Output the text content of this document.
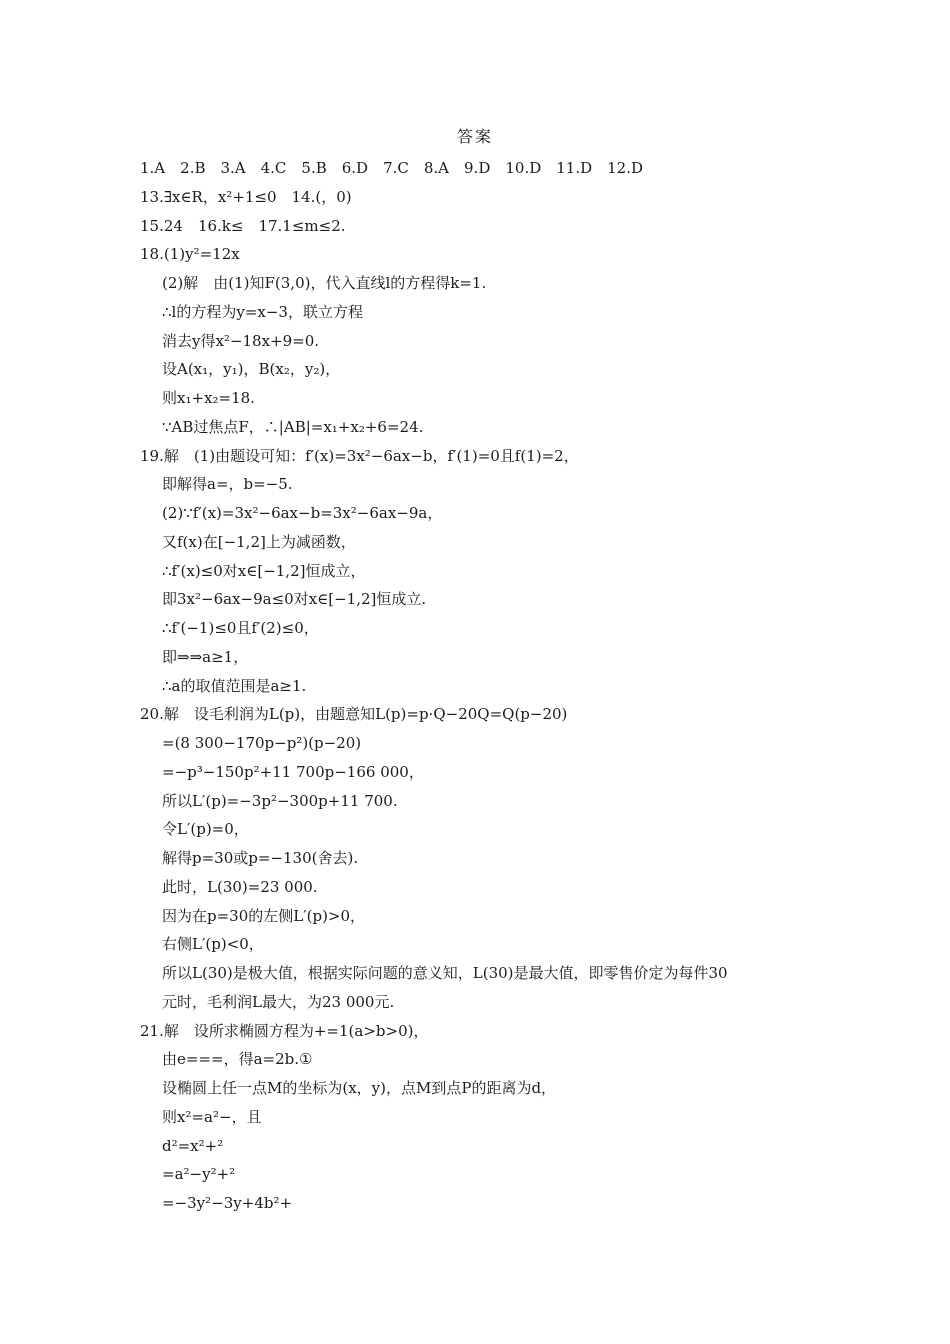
答案
1.A　2.B　3.A　4.C　5.B　6.D　7.C　8.A　9.D　10.D　11.D　12.D
13.∃x∈R，x²+1≤0　14.(，0)
15.24　16.k≤　17.1≤m≤2.
18.(1)y²=12x
(2)解　由(1)知F(3,0)，代入直线l的方程得k=1.
∴l的方程为y=x−3，联立方程
消去y得x²−18x+9=0.
设A(x₁，y₁)，B(x₂，y₂)，
则x₁+x₂=18.
∵AB过焦点F，∴|AB|=x₁+x₂+6=24.
19.解　(1)由题设可知：f′(x)=3x²−6ax−b，f′(1)=0且f(1)=2，
即解得a=，b=−5.
(2)∵f′(x)=3x²−6ax−b=3x²−6ax−9a，
又f(x)在[−1,2]上为减函数，
∴f′(x)≤0对x∈[−1,2]恒成立，
即3x²−6ax−9a≤0对x∈[−1,2]恒成立.
∴f′(−1)≤0且f′(2)≤0，
即⇒⇒a≥1，
∴a的取值范围是a≥1.
20.解　设毛利润为L(p)，由题意知L(p)=p·Q−20Q=Q(p−20)
=(8 300−170p−p²)(p−20)
=−p³−150p²+11 700p−166 000，
所以L′(p)=−3p²−300p+11 700.
令L′(p)=0，
解得p=30或p=−130(舍去).
此时，L(30)=23 000.
因为在p=30的左侧L′(p)>0，
右侧L′(p)<0，
所以L(30)是极大值，根据实际问题的意义知，L(30)是最大值，即零售价定为每件30
元时，毛利润L最大，为23 000元.
21.解　设所求椭圆方程为+=1(a>b>0)，
由e===，得a=2b.①
设椭圆上任一点M的坐标为(x，y)，点M到点P的距离为d，
则x²=a²−，且
d²=x²+²
=a²−y²+²
=−3y²−3y+4b²+
